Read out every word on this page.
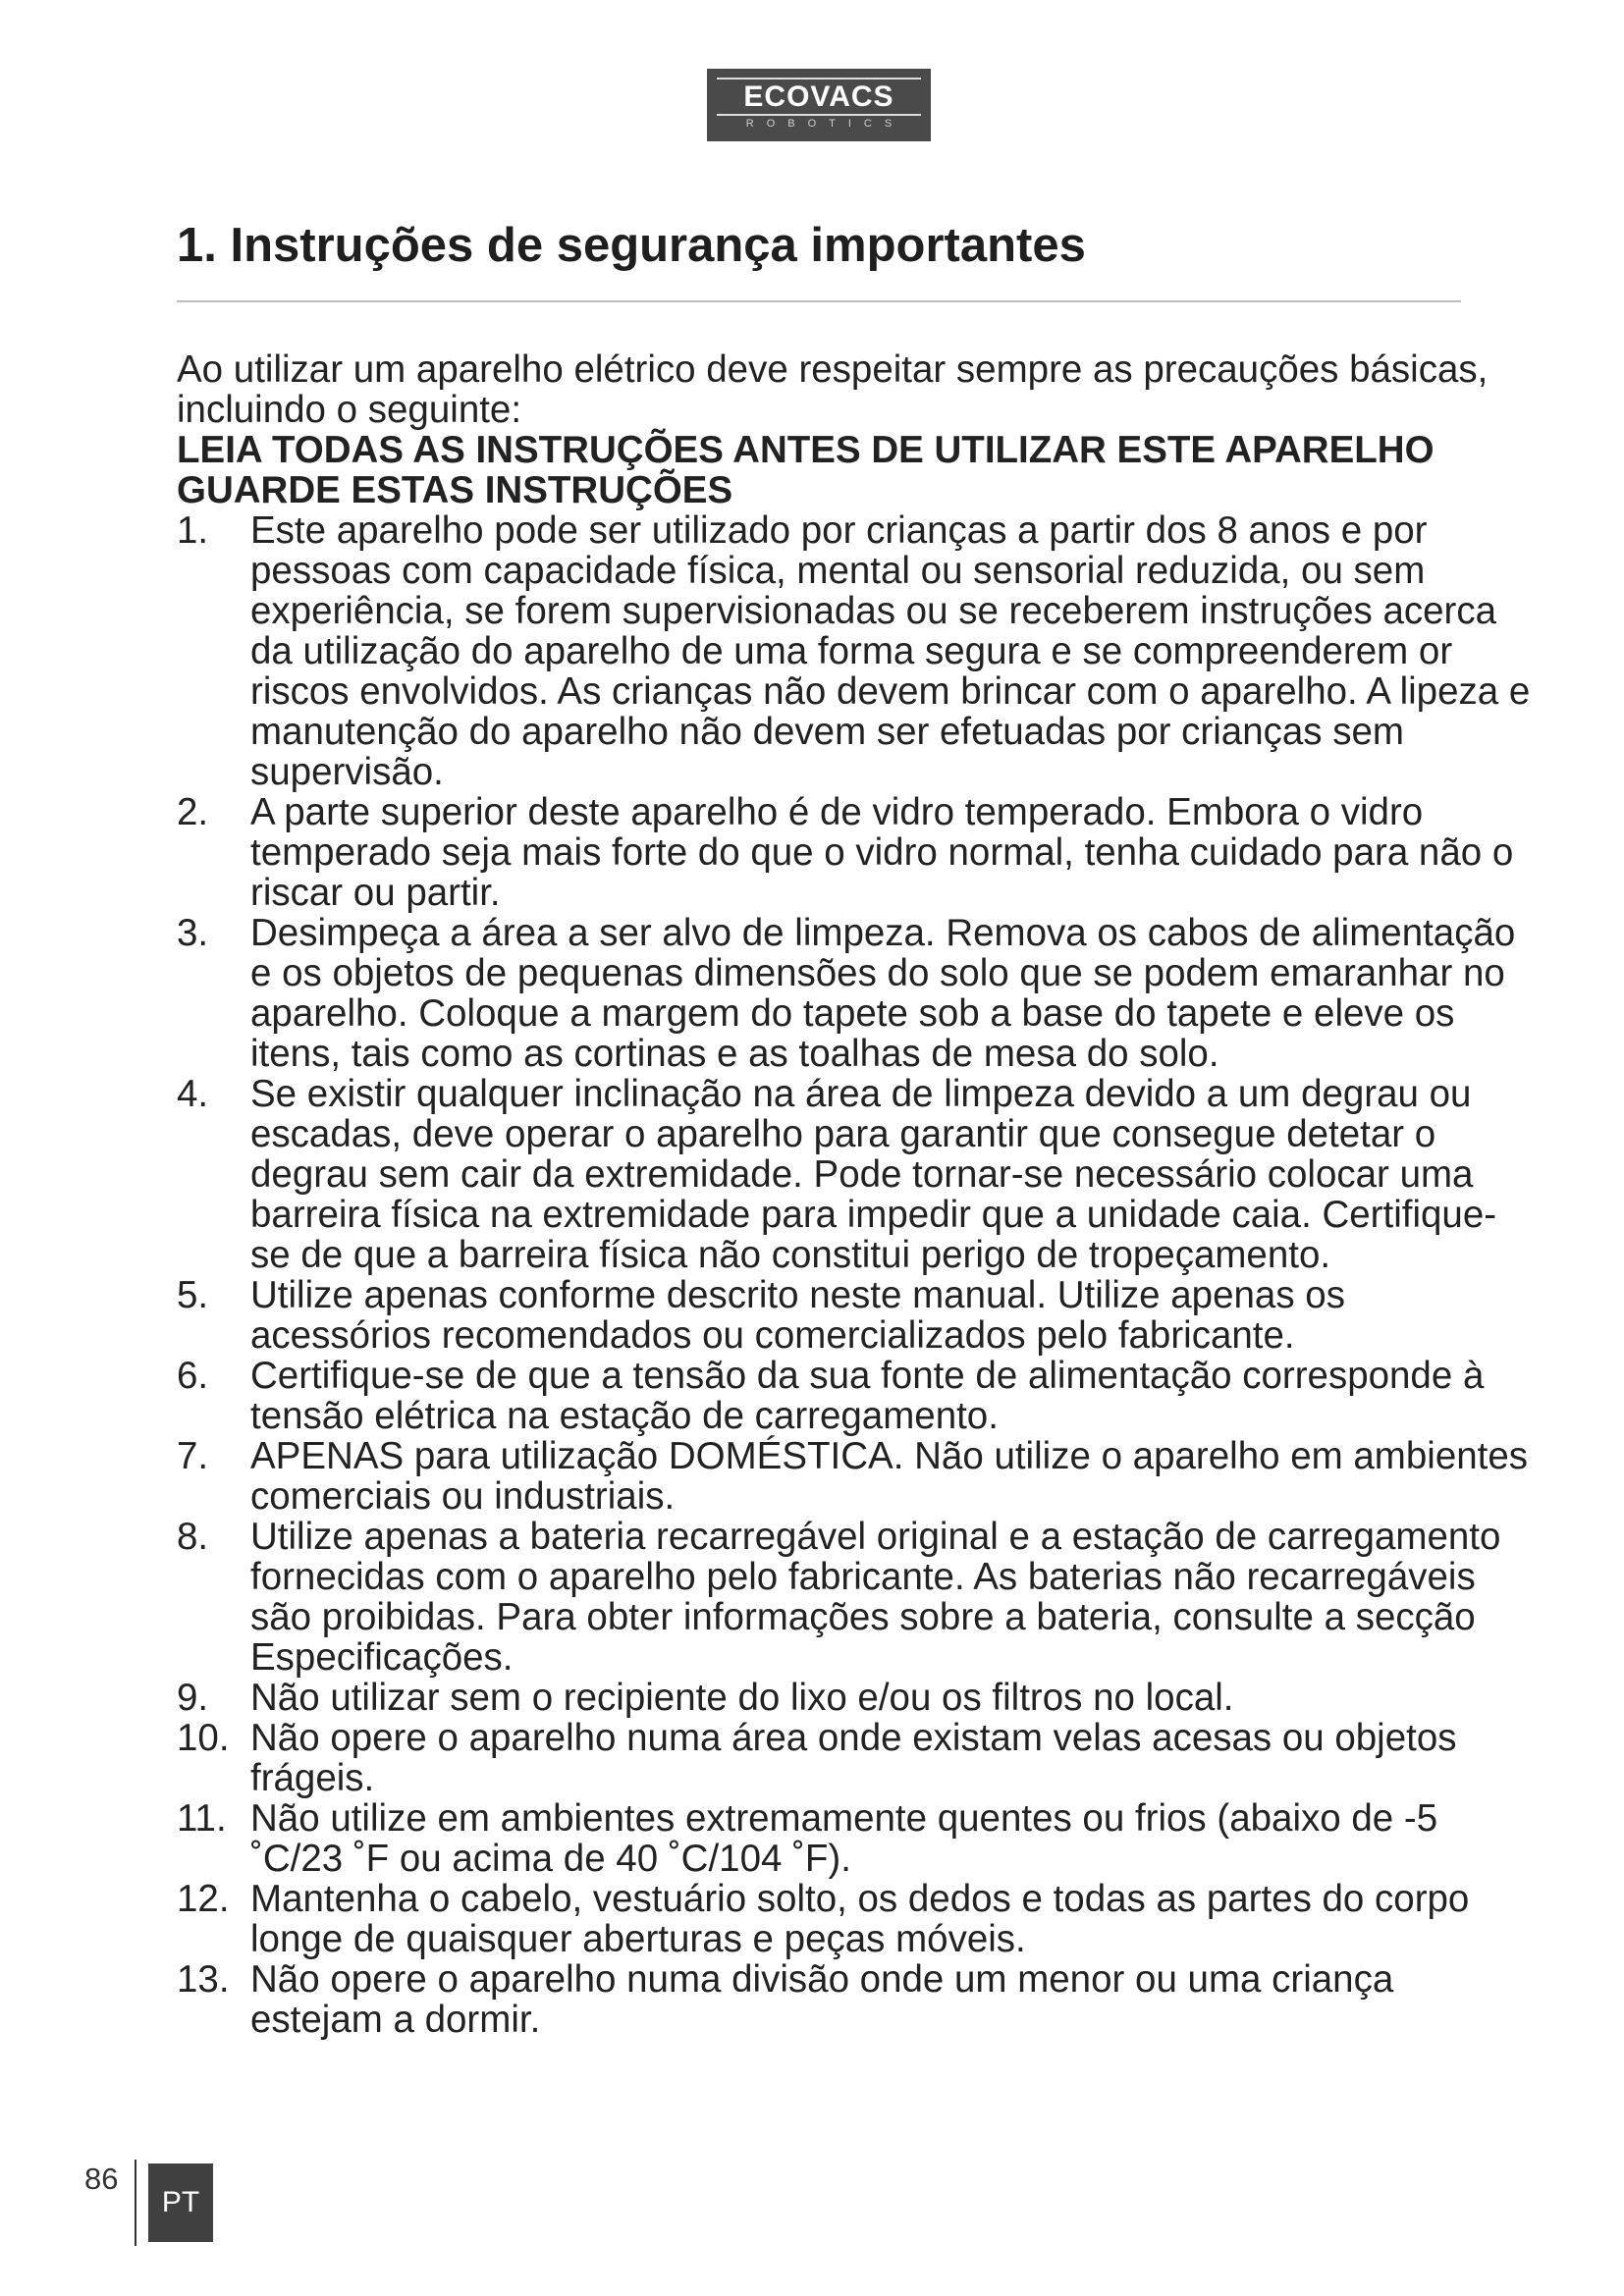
ECOVACS
ROBOTICS
1. Instruções de segurança importantes

Ao utilizar um aparelho elétrico deve respeitar sempre as precauções básicas, incluindo o seguinte:

LEIA TODAS AS INSTRUÇÕES ANTES DE UTILIZAR ESTE APARELHO

GUARDE ESTAS INSTRUÇÕES

1. Este aparelho pode ser utilizado por crianças a partir dos 8 anos e por pessoas com capacidade física, mental ou sensorial reduzida, ou sem experiência, se forem supervisionadas ou se receberem instruções acerca da utilização do aparelho de uma forma segura e se compreenderem or riscos envolvidos. As crianças não devem brincar com o aparelho. A lipeza e manutenção do aparelho não devem ser efetuadas por crianças sem supervisão.
2. A parte superior deste aparelho é de vidro temperado. Embora o vidro temperado seja mais forte do que o vidro normal, tenha cuidado para não o riscar ou partir.
3. Desimpeça a área a ser alvo de limpeza. Remova os cabos de alimentação e os objetos de pequenas dimensões do solo que se podem emaranhar no aparelho. Coloque a margem do tapete sob a base do tapete e eleve os itens, tais como as cortinas e as toalhas de mesa do solo.
4. Se existir qualquer inclinação na área de limpeza devido a um degrau ou escadas, deve operar o aparelho para garantir que consegue detetar o degrau sem cair da extremidade. Pode tornar-se necessário colocar uma barreira física na extremidade para impedir que a unidade caia. Certifique-se de que a barreira física não constitui perigo de tropeçamento.
5. Utilize apenas conforme descrito neste manual. Utilize apenas os acessórios recomendados ou comercializados pelo fabricante.
6. Certifique-se de que a tensão da sua fonte de alimentação corresponde à tensão elétrica na estação de carregamento.
7. APENAS para utilização DOMÉSTICA. Não utilize o aparelho em ambientes comerciais ou industriais.
8. Utilize apenas a bateria recarregável original e a estação de carregamento fornecidas com o aparelho pelo fabricante. As baterias não recarregáveis são proibidas. Para obter informações sobre a bateria, consulte a secção Especificações.
9. Não utilizar sem o recipiente do lixo e/ou os filtros no local.
10. Não opere o aparelho numa área onde existam velas acesas ou objetos frágeis.
11. Não utilize em ambientes extremamente quentes ou frios (abaixo de -5 ˚C/23 ˚F ou acima de 40 ˚C/104 ˚F).
12. Mantenha o cabelo, vestuário solto, os dedos e todas as partes do corpo longe de quaisquer aberturas e peças móveis.
13. Não opere o aparelho numa divisão onde um menor ou uma criança estejam a dormir.
86
PT
